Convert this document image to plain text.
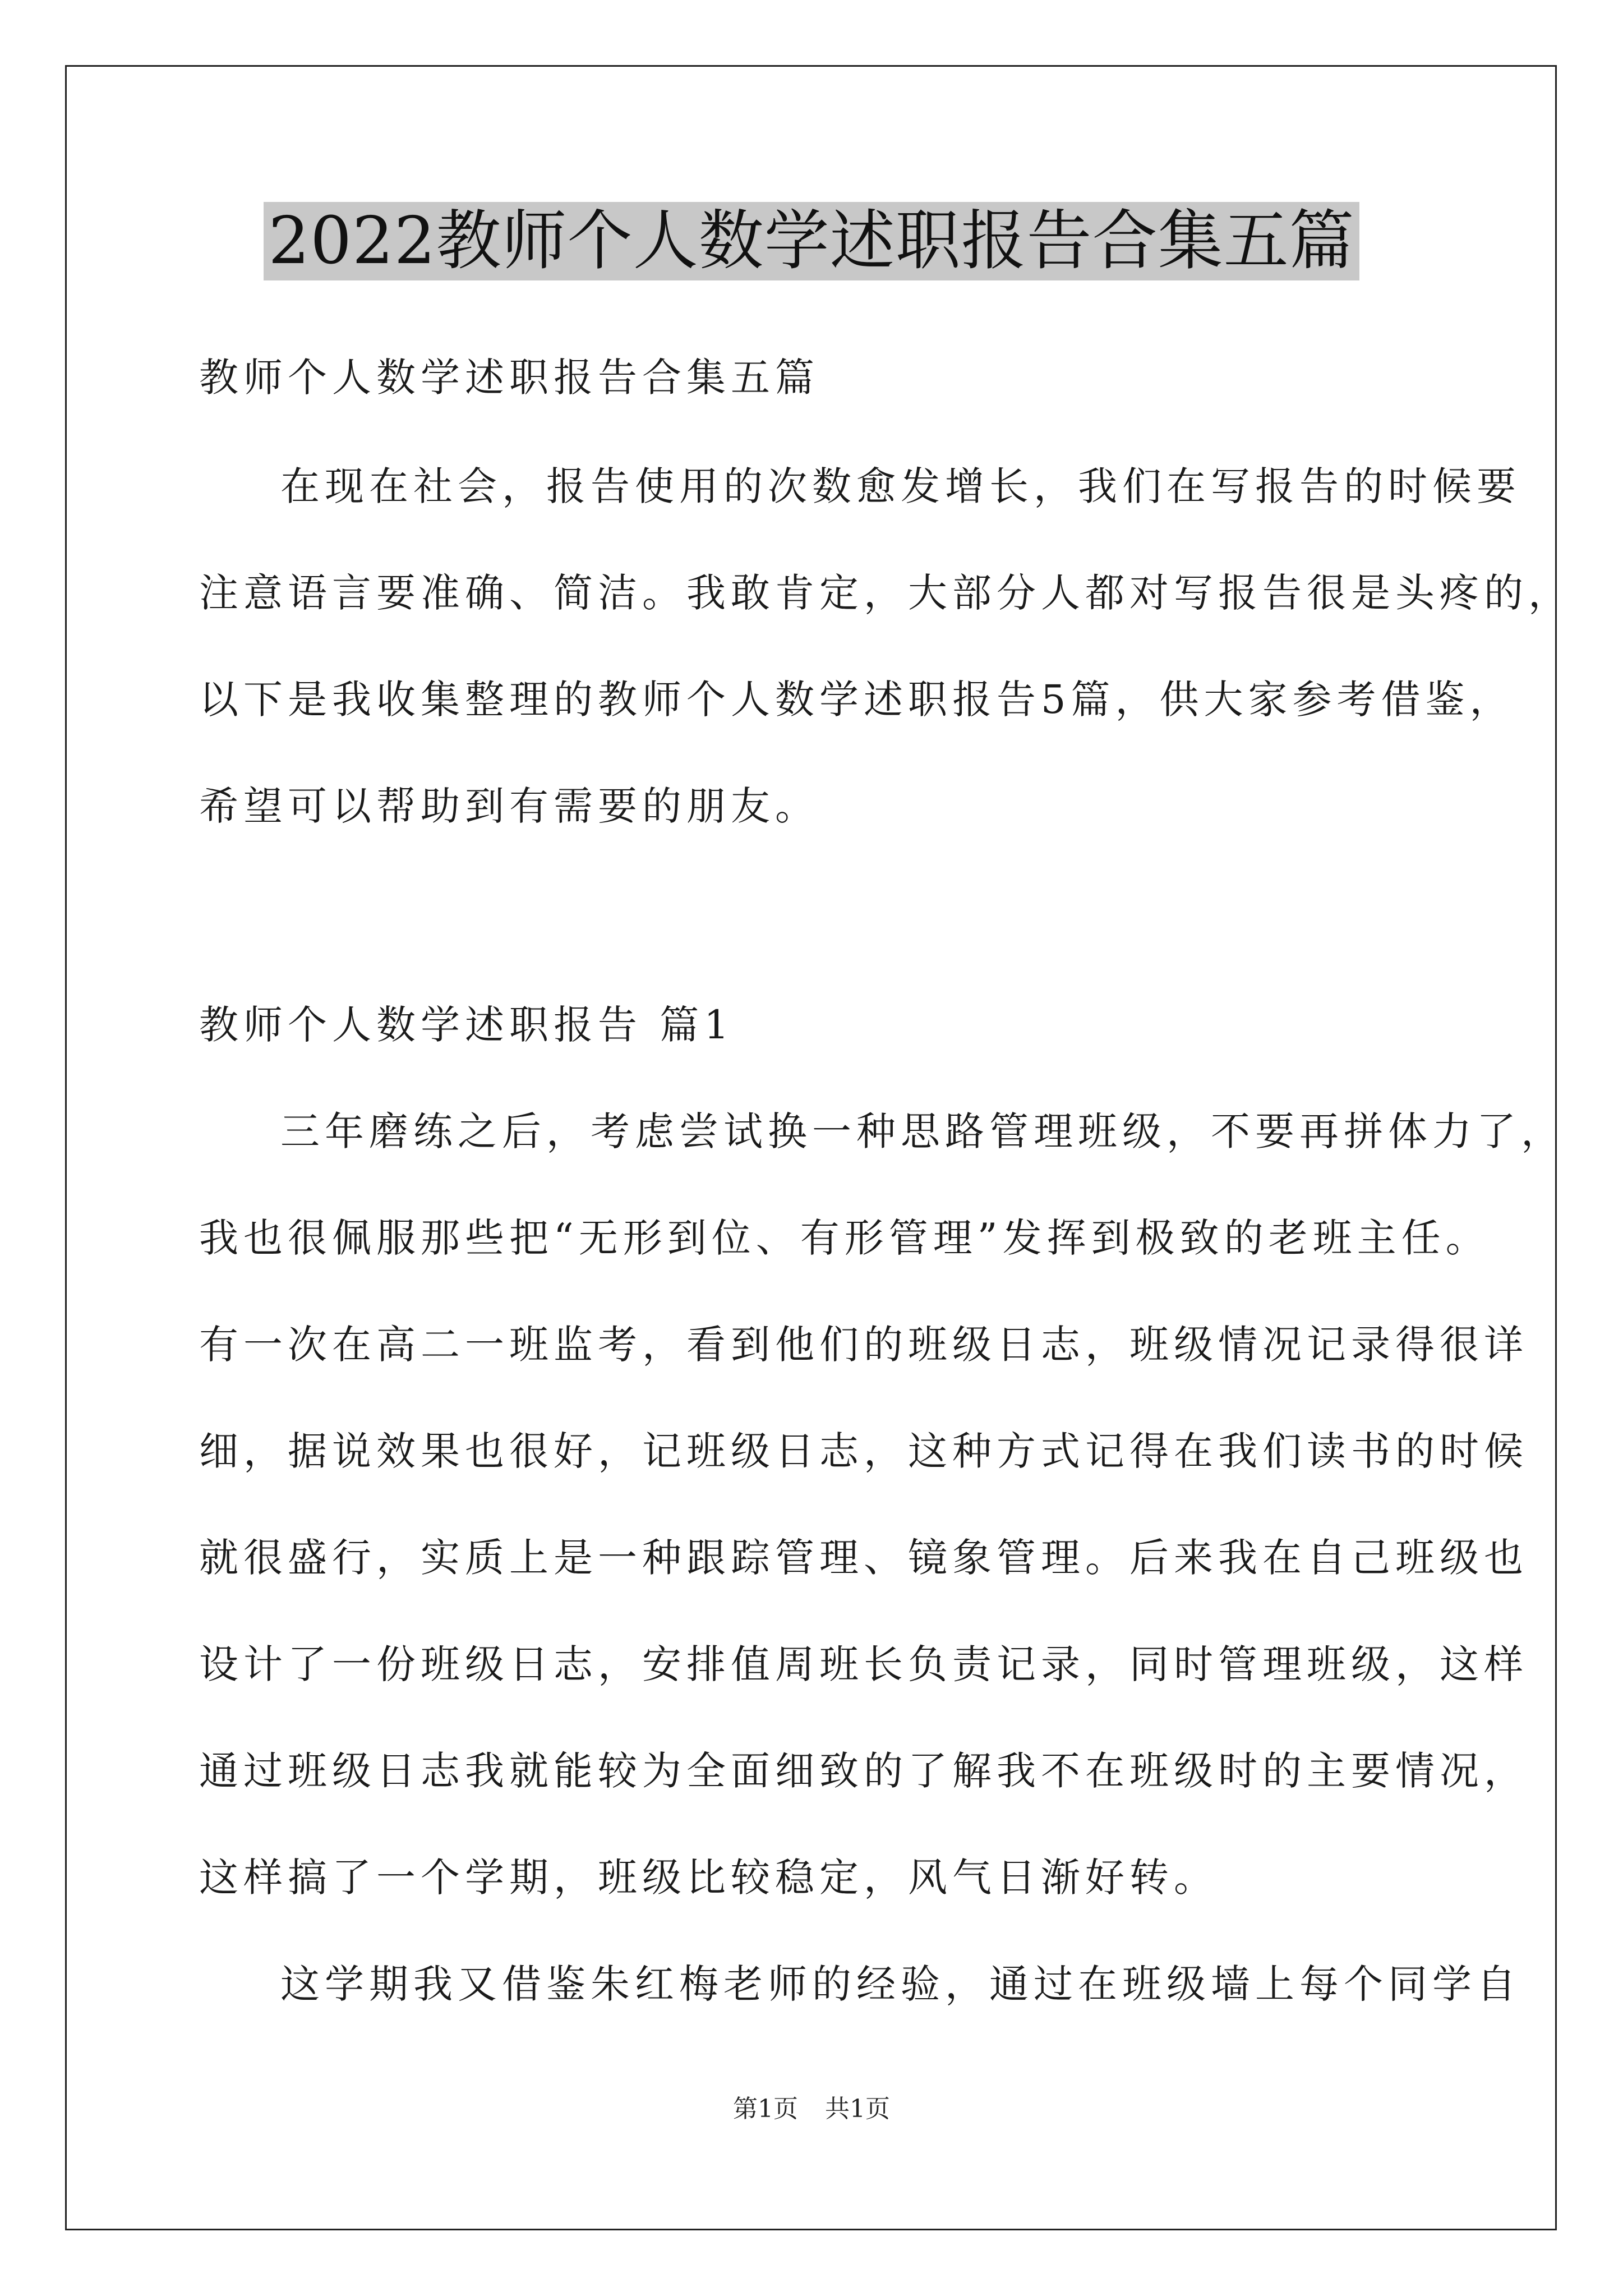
2022教师个人数学述职报告合集五篇
教师个人数学述职报告合集五篇
在现在社会，报告使用的次数愈发增长，我们在写报告的时候要
注意语言要准确、简洁。我敢肯定，大部分人都对写报告很是头疼的，
以下是我收集整理的教师个人数学述职报告5篇，供大家参考借鉴，
希望可以帮助到有需要的朋友。
教师个人数学述职报告 篇1
三年磨练之后，考虑尝试换一种思路管理班级，不要再拼体力了，
我也很佩服那些把“无形到位、有形管理”发挥到极致的老班主任。
有一次在高二一班监考，看到他们的班级日志，班级情况记录得很详
细，据说效果也很好，记班级日志，这种方式记得在我们读书的时候
就很盛行，实质上是一种跟踪管理、镜象管理。后来我在自己班级也
设计了一份班级日志，安排值周班长负责记录，同时管理班级，这样
通过班级日志我就能较为全面细致的了解我不在班级时的主要情况，
这样搞了一个学期，班级比较稳定，风气日渐好转。
这学期我又借鉴朱红梅老师的经验，通过在班级墙上每个同学自
第1页 共1页
